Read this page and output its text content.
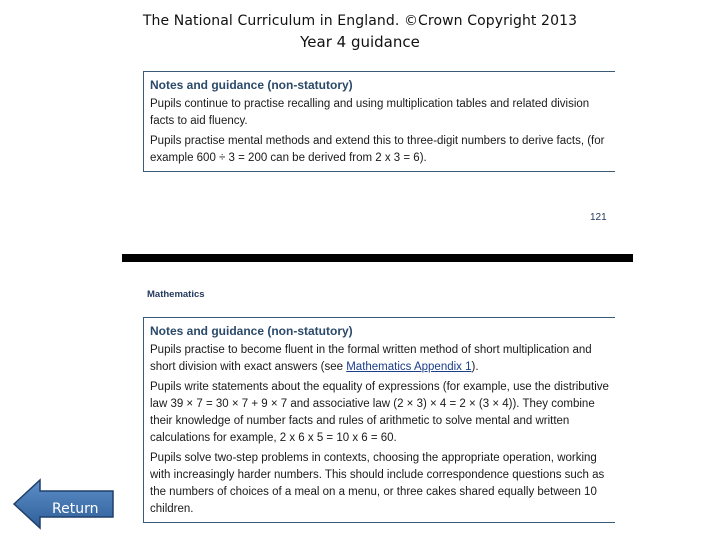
The National Curriculum in England. ©Crown Copyright 2013
Year 4 guidance
Notes and guidance (non-statutory)
Pupils continue to practise recalling and using multiplication tables and related division facts to aid fluency.
Pupils practise mental methods and extend this to three-digit numbers to derive facts, (for example 600 ÷ 3 = 200 can be derived from 2 x 3 = 6).
121
Mathematics
Notes and guidance (non-statutory)
Pupils practise to become fluent in the formal written method of short multiplication and short division with exact answers (see Mathematics Appendix 1).
Pupils write statements about the equality of expressions (for example, use the distributive law 39 × 7 = 30 × 7 + 9 × 7 and associative law (2 × 3) × 4 = 2 × (3 × 4)). They combine their knowledge of number facts and rules of arithmetic to solve mental and written calculations for example, 2 x 6 x 5 = 10 x 6 = 60.
Pupils solve two-step problems in contexts, choosing the appropriate operation, working with increasingly harder numbers. This should include correspondence questions such as the numbers of choices of a meal on a menu, or three cakes shared equally between 10 children.
Return
